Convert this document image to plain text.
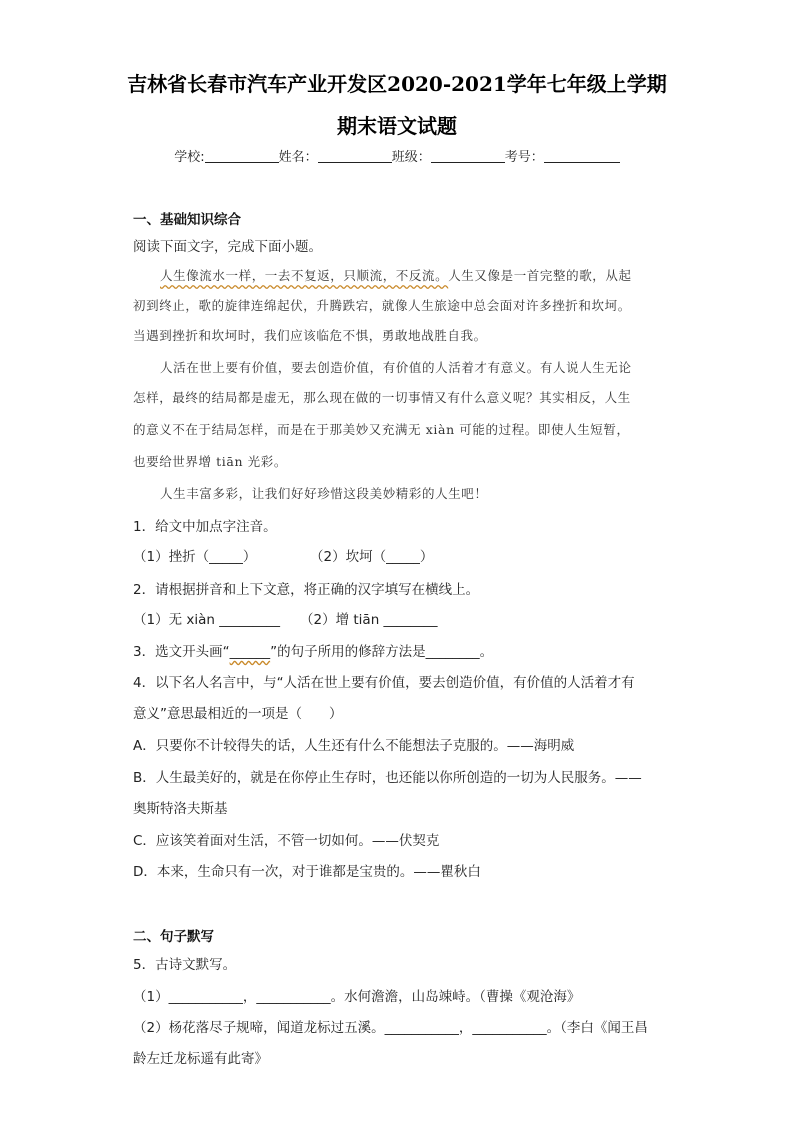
吉林省长春市汽车产业开发区2020-2021学年七年级上学期
期末语文试题
学校:	姓名：	班级：	考号：
一、基础知识综合
阅读下面文字，完成下面小题。
人生像流水一样，一去不复返，只顺流，不反流。人生又像是一首完整的歌，从起
初到终止，歌的旋律连绵起伏，升腾跌宕，就像人生旅途中总会面对许多挫折和坎坷。
当遇到挫折和坎坷时，我们应该临危不惧，勇敢地战胜自我。
人活在世上要有价值，要去创造价值，有价值的人活着才有意义。有人说人生无论
怎样，最终的结局都是虚无，那么现在做的一切事情又有什么意义呢？其实相反，人生
的意义不在于结局怎样，而是在于那美妙又充满无 xiàn 可能的过程。即使人生短暂，
也要给世界增 tiān 光彩。
人生丰富多彩，让我们好好珍惜这段美妙精彩的人生吧！
1．给文中加点字注音。
（1）挫折（_____）	（2）坎坷（_____）
2．请根据拼音和上下文意，将正确的汉字填写在横线上。
（1）无 xiàn _________ （2）增 tiān ________
3．选文开头画“______”的句子所用的修辞方法是________。
4．以下名人名言中，与“人活在世上要有价值，要去创造价值，有价值的人活着才有
意义”意思最相近的一项是（　　）
A．只要你不计较得失的话，人生还有什么不能想法子克服的。——海明威
B．人生最美好的，就是在你停止生存时，也还能以你所创造的一切为人民服务。——
奥斯特洛夫斯基
C．应该笑着面对生活，不管一切如何。——伏契克
D．本来，生命只有一次，对于谁都是宝贵的。——瞿秋白
二、句子默写
5．古诗文默写。
（1）___________，___________。水何澹澹，山岛竦峙。（曹操《观沧海》
（2）杨花落尽子规啼，闻道龙标过五溪。___________，___________。（李白《闻王昌
龄左迁龙标遥有此寄》
